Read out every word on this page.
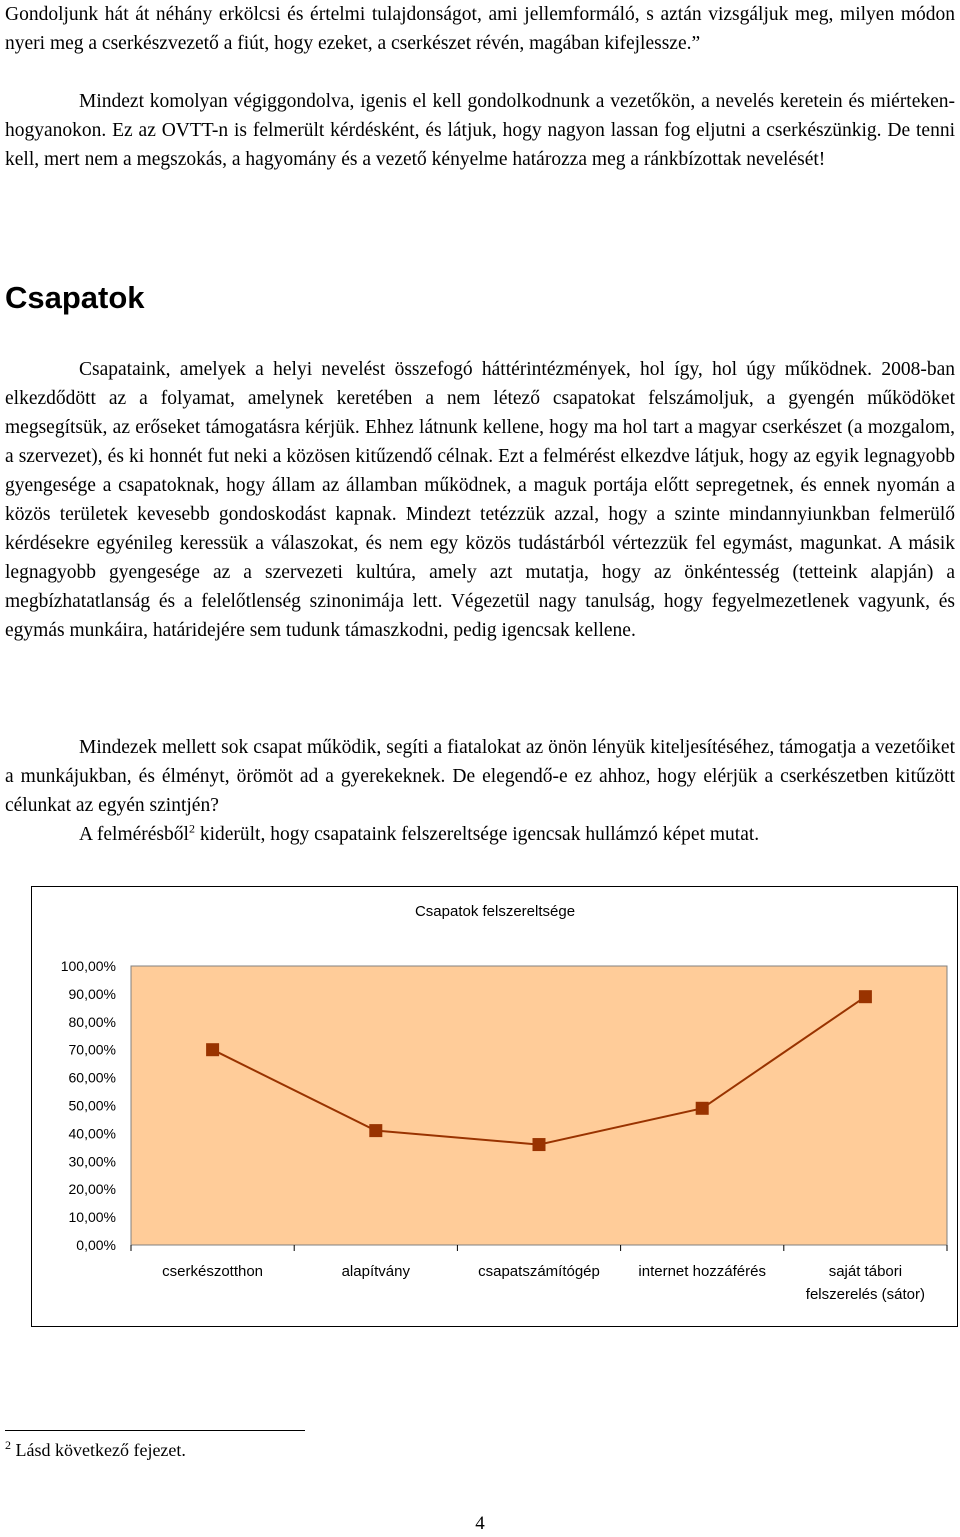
Gondoljunk hát át néhány erkölcsi és értelmi tulajdonságot, ami jellemformáló, s aztán vizsgáljuk meg, milyen módon nyeri meg a cserkészvezető a fiút, hogy ezeket, a cserkészet révén, magában kifejlessze.”

Mindezt komolyan végiggondolva, igenis el kell gondolkodnunk a vezetőkön, a nevelés keretein és miérteken-hogyanokon. Ez az OVTT-n is felmerült kérdésként, és látjuk, hogy nagyon lassan fog eljutni a cserkészünkig. De tenni kell, mert nem a megszokás, a hagyomány és a vezető kényelme határozza meg a ránkbízottak nevelését!

Csapatok

Csapataink, amelyek a helyi nevelést összefogó háttérintézmények, hol így, hol úgy működnek. 2008-ban elkezdődött az a folyamat, amelynek keretében a nem létező csapatokat felszámoljuk, a gyengén működöket megsegítsük, az erőseket támogatásra kérjük. Ehhez látnunk kellene, hogy ma hol tart a magyar cserkészet (a mozgalom, a szervezet), és ki honnét fut neki a közösen kitűzendő célnak. Ezt a felmérést elkezdve látjuk, hogy az egyik legnagyobb gyengesége a csapatoknak, hogy állam az államban működnek, a maguk portája előtt sepregetnek, és ennek nyomán a közös területek kevesebb gondoskodást kapnak. Mindezt tetézzük azzal, hogy a szinte mindannyiunkban felmerülő kérdésekre egyénileg keressük a válaszokat, és nem egy közös tudástárból vértezzük fel egymást, magunkat. A másik legnagyobb gyengesége az a szervezeti kultúra, amely azt mutatja, hogy az önkéntesség (tetteink alapján) a megbízhatatlanság és a felelőtlenség szinonimája lett. Végezetül nagy tanulság, hogy fegyelmezetlenek vagyunk, és egymás munkáira, határidejére sem tudunk támaszkodni, pedig igencsak kellene.

Mindezek mellett sok csapat működik, segíti a fiatalokat az önön lényük kiteljesítéséhez, támogatja a vezetőiket a munkájukban, és élményt, örömöt ad a gyerekeknek. De elegendő-e ez ahhoz, hogy elérjük a cserkészetben kitűzött célunkat az egyén szintjén?

A felmérésből$^2$ kiderült, hogy csapataink felszereltsége igencsak hullámzó képet mutat.

Csapatok felszereltsége
0,00%
10,00%
20,00%
30,00%
40,00%
50,00%
60,00%
70,00%
80,00%
90,00%
100,00%
cserkészotthon	alapítvány	csapatszámítógép	internet hozzáférés	saját tábori
felszerelés (sátor)

$^2$ Lásd következő fejezet.

4
